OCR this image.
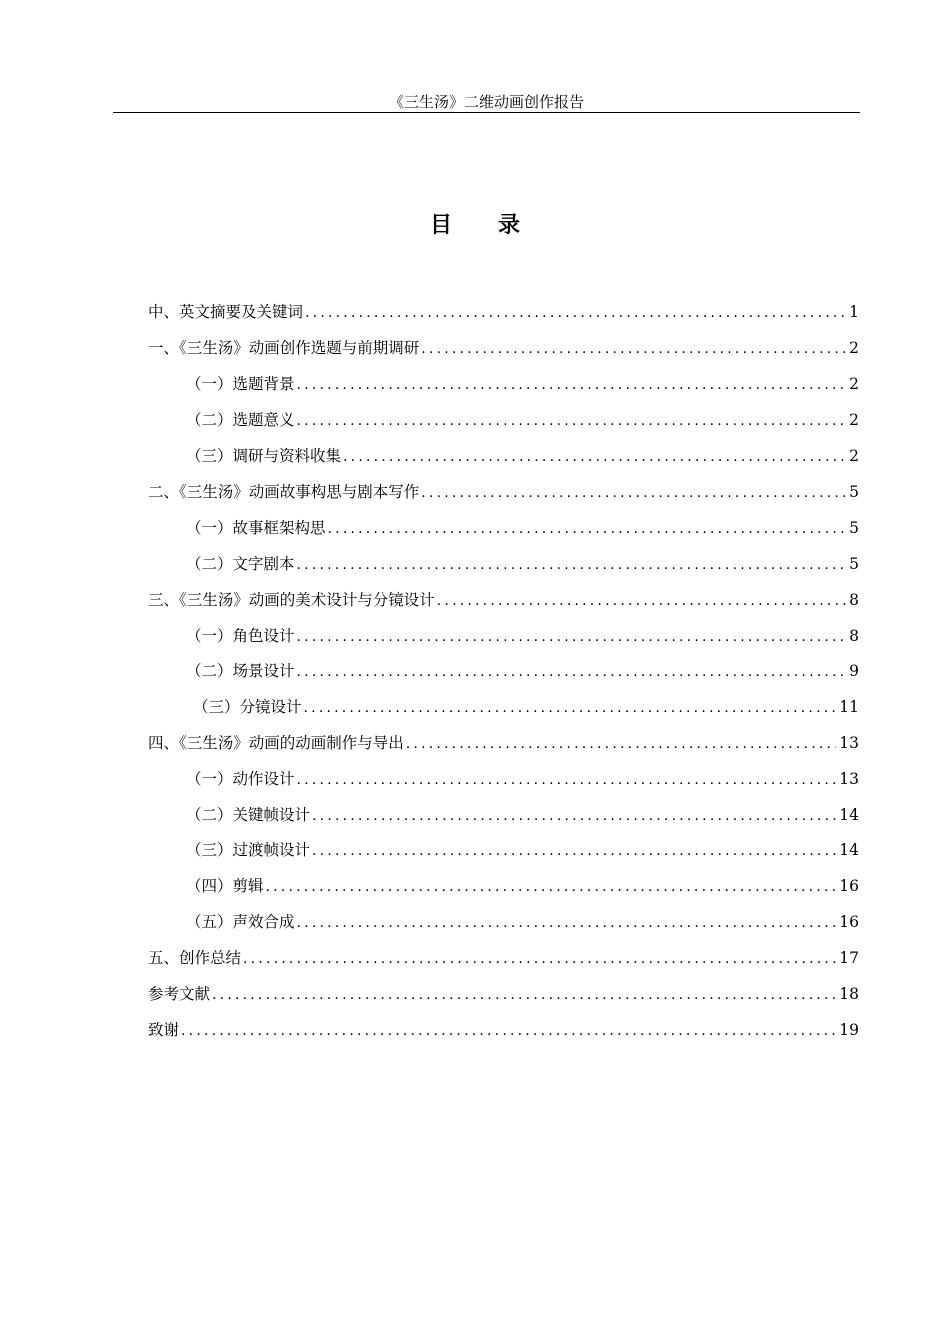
《三生汤》二维动画创作报告
目 录
中、英文摘要及关键词 .....	1
一、《三生汤》动画创作选题与前期调研 .....	2
（一）选题背景 .....	2
（二）选题意义 .....	2
（三）调研与资料收集 .....	2
二、《三生汤》动画故事构思与剧本写作 .....	5
（一）故事框架构思 .....	5
（二）文字剧本 .....	5
三、《三生汤》动画的美术设计与分镜设计 .....	8
（一）角色设计 .....	8
（二）场景设计 .....	9
（三）分镜设计 .....	11
四、《三生汤》动画的动画制作与导出 .....	13
（一）动作设计 .....	13
（二）关键帧设计 .....	14
（三）过渡帧设计 .....	14
（四）剪辑 .....	16
（五）声效合成 .....	16
五、创作总结 .....	17
参考文献 .....	18
致谢 .....	19
